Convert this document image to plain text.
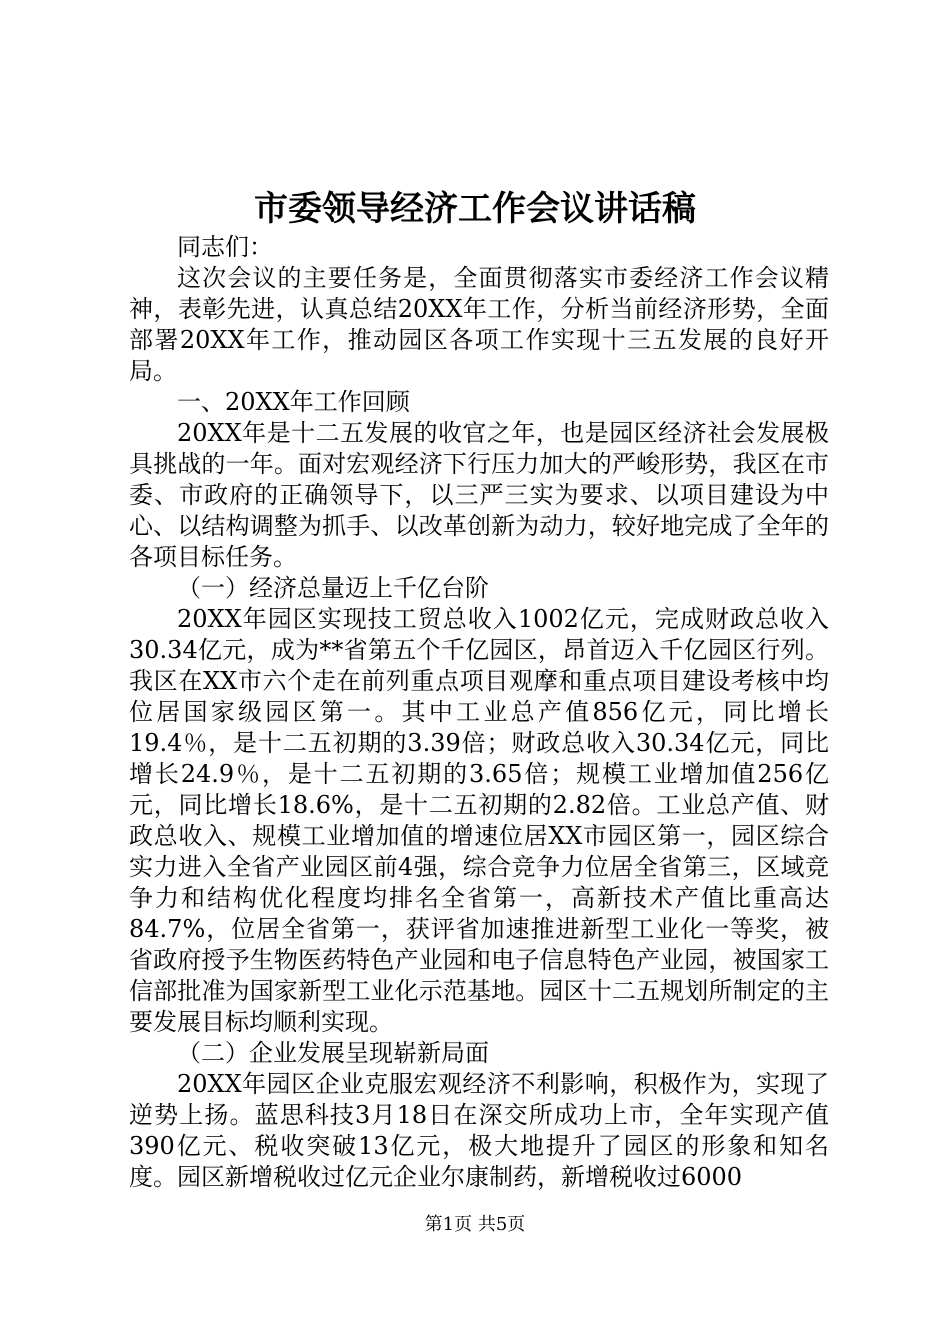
市委领导经济工作会议讲话稿

同志们：

这次会议的主要任务是，全面贯彻落实市委经济工作会议精神，表彰先进，认真总结20XX年工作，分析当前经济形势，全面部署20XX年工作，推动园区各项工作实现十三五发展的良好开局。

一、20XX年工作回顾

20XX年是十二五发展的收官之年，也是园区经济社会发展极具挑战的一年。面对宏观经济下行压力加大的严峻形势，我区在市委、市政府的正确领导下，以三严三实为要求、以项目建设为中心、以结构调整为抓手、以改革创新为动力，较好地完成了全年的各项目标任务。

（一）经济总量迈上千亿台阶

20XX年园区实现技工贸总收入1002亿元，完成财政总收入30.34亿元，成为**省第五个千亿园区，昂首迈入千亿园区行列。我区在XX市六个走在前列重点项目观摩和重点项目建设考核中均位居国家级园区第一。其中工业总产值856亿元，同比增长19.4％，是十二五初期的3.39倍；财政总收入30.34亿元，同比增长24.9％，是十二五初期的3.65倍；规模工业增加值256亿元，同比增长18.6%，是十二五初期的2.82倍。工业总产值、财政总收入、规模工业增加值的增速位居XX市园区第一，园区综合实力进入全省产业园区前4强，综合竞争力位居全省第三，区域竞争力和结构优化程度均排名全省第一，高新技术产值比重高达84.7%，位居全省第一，获评省加速推进新型工业化一等奖，被省政府授予生物医药特色产业园和电子信息特色产业园，被国家工信部批准为国家新型工业化示范基地。园区十二五规划所制定的主要发展目标均顺利实现。

（二）企业发展呈现崭新局面

20XX年园区企业克服宏观经济不利影响，积极作为，实现了逆势上扬。蓝思科技3月18日在深交所成功上市，全年实现产值390亿元、税收突破13亿元，极大地提升了园区的形象和知名度。园区新增税收过亿元企业尔康制药，新增税收过6000

第1页 共5页
